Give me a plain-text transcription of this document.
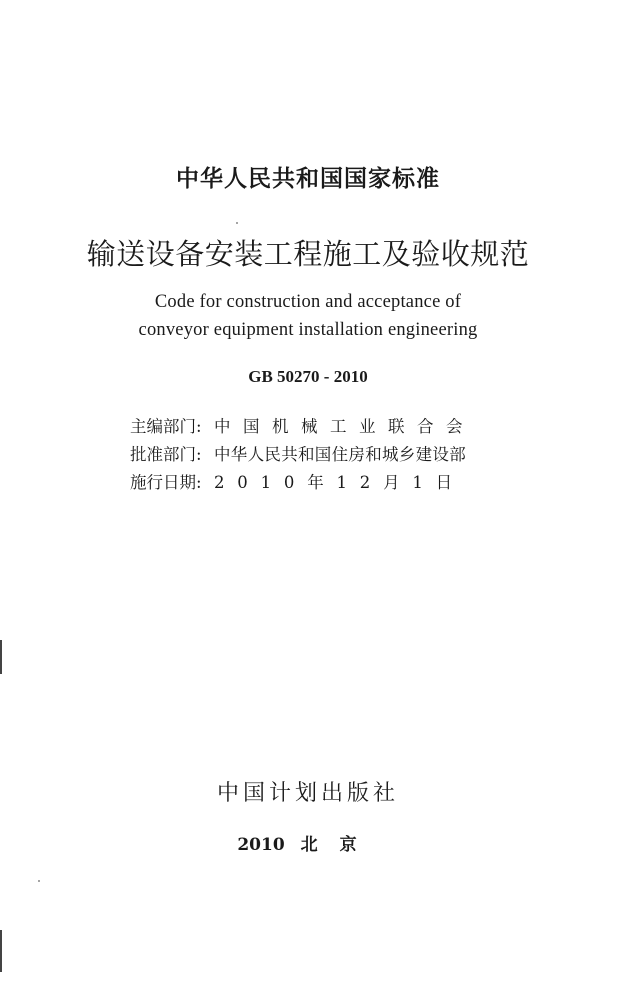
中华人民共和国国家标准
输送设备安装工程施工及验收规范
Code for construction and acceptance of
conveyor equipment installation engineering
GB 50270 - 2010
主编部门: 中国机械工业联合会
批准部门: 中华人民共和国住房和城乡建设部
施行日期: 2010年12月1日
中国计划出版社
2010 北京
